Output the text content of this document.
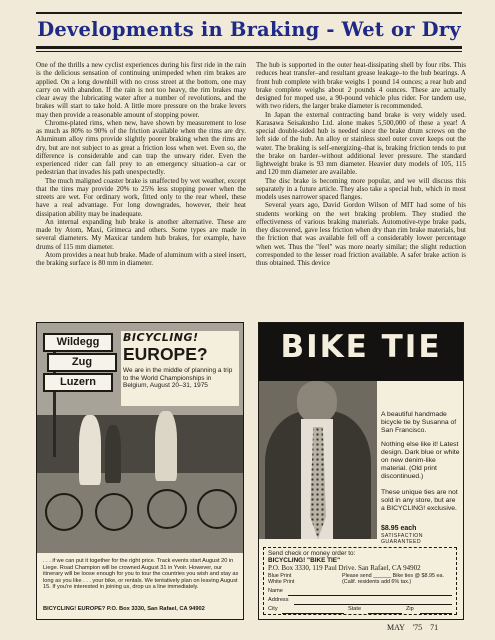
Developments in Braking - Wet or Dry

One of the thrills a new cyclist experiences during his first ride in the rain is the delicious sensation of continuing unimpeded when rim brakes are applied. On a long downhill with no cross street at the bottom, one may carry on with abandon. If the rain is not too heavy, the rim brakes may clear away the lubricating water after a number of revolutions, and the brakes will start to take hold. A little more pressure on the brake levers may then provide a reasonable amount of stopping power.

Chrome-plated rims, when new, have shown by measurement to lose as much as 80% to 90% of the friction available when the rims are dry. Aluminum alloy rims provide slightly poorer braking when the rims are dry, but are not subject to as great a friction loss when wet. Even so, the difference is considerable and can trap the unwary rider. Even the experienced rider can fall prey to an emergency situation–a car or pedestrian that invades his path unexpectedly.

The much maligned coaster brake is unaffected by wet weather, except that the tires may provide 20% to 25% less stopping power when the streets are wet. For ordinary work, fitted only to the rear wheel, these have a real advantage. For long downgrades, however, their heat dissipation ability may be inadequate.

An internal expanding hub brake is another alternative. These are made by Atom, Maxi, Grimeca and others. Some types are made in several diameters. My Maxicar tandem hub brakes, for example, have drums of 115 mm diameter.

Atom provides a neat hub brake. Made of aluminum with a steel insert, the braking surface is 80 mm in diameter.

The hub is supported in the outer heat-dissipating shell by four ribs. This reduces heat transfer–and resultant grease leakage–to the hub bearings. A front hub complete with brake weighs 1 pound 14 ounces; a rear hub and brake complete weighs about 2 pounds 4 ounces. These are actually designed for moped use, a 90-pound vehicle plus rider. For tandem use, with two riders, the larger brake diameter is recommended.

In Japan the external contracting band brake is very widely used. Karasawa Seisakusho Ltd. alone makes 5,500,000 of these a year! A special double-sided hub is needed since the brake drum screws on the left side of the hub. An alloy or stainless steel outer cover keeps out the water. The braking is self-energizing–that is, braking friction tends to put the brake on harder–without additional lever pressure. The standard lightweight brake is 93 mm diameter. Heavier duty models of 105, 115 and 120 mm diameter are available.

The disc brake is becoming more popular, and we will discuss this separately in a future article. They also take a special hub, which in most models uses narrower spaced flanges.

Several years ago, David Gordon Wilson of MIT had some of his students working on the wet braking problem. They studied the effectiveness of various braking materials. Automotive-type brake pads, they discovered, gave less friction when dry than rim brake materials, but the friction that was available fell off a considerably lower percentage when wet. Thus the "feel" was more nearly similar; the slight reduction corresponded to the lesser road friction available. A safer brake action is thus obtained. This device

Wildegg
Zug
Luzern
BICYCLING!
EUROPE?
We are in the middle of planning a trip to the World Championships in Belgium, August 20–31, 1975
. . . if we can put it together for the right price. Track events start August 20 in Liege. Road Champion will be crowned August 31 in Yvoir. However, our itinerary will be loose enough for you to tour the countries you wish and stay as long as you like . . . your bike, or rentals. We tentatively plan on leaving August 15. If you're interested in joining us, drop us a line immediately.
BICYCLING! EUROPE? P.O. Box 3330, San Rafael, CA 94902
BIKE TIE
A beautiful handmade bicycle tie by Susanna of San Francisco.
Nothing else like it! Latest design. Dark blue or white on new denim-like material. (Old print discontinued.)
These unique ties are not sold in any store, but are a BICYCLING! exclusive.
$8.95 each
SATISFACTION GUARANTEED
Send check or money order to:
BICYCLING! "BIKE TIE"
P.O. Box 3330, 119 Paul Drive. San Rafael, CA 94902
Blue Print
White Print
Please send ______ Bike ties @ $8.95 ea.
(Calif. residents add 6% tax.)
Name
Address
City	State	Zip
MAY '75 71
